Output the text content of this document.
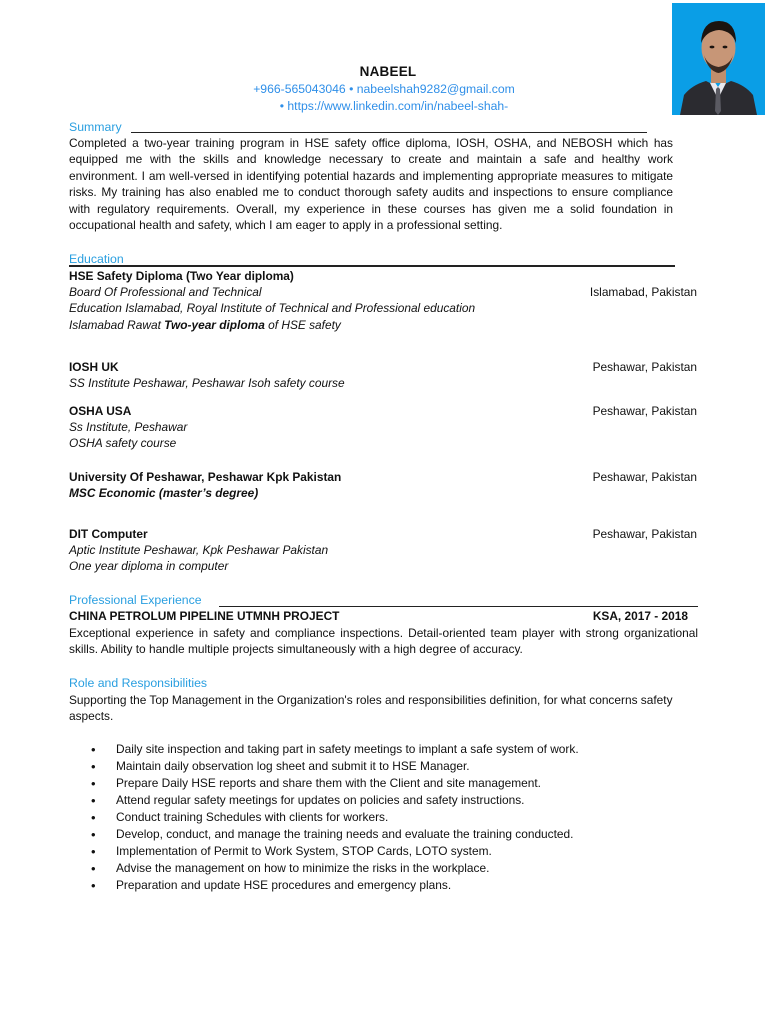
NABEEL
+966-565043046 • nabeelshah9282@gmail.com
• https://www.linkedin.com/in/nabeel-shah-
Summary
Completed a two-year training program in HSE safety office diploma, IOSH, OSHA, and NEBOSH which has equipped me with the skills and knowledge necessary to create and maintain a safe and healthy work environment. I am well-versed in identifying potential hazards and implementing appropriate measures to mitigate risks. My training has also enabled me to conduct thorough safety audits and inspections to ensure compliance with regulatory requirements. Overall, my experience in these courses has given me a solid foundation in occupational health and safety, which I am eager to apply in a professional setting.
Education
HSE Safety Diploma (Two Year diploma)
Board Of Professional and Technical	Islamabad, Pakistan
Education Islamabad, Royal Institute of Technical and Professional education
Islamabad Rawat Two-year diploma of HSE safety
IOSH UK	Peshawar, Pakistan
SS Institute Peshawar, Peshawar Isoh safety course
OSHA USA	Peshawar, Pakistan
Ss Institute, Peshawar
OSHA safety course
University Of Peshawar, Peshawar Kpk Pakistan	Peshawar, Pakistan
MSC Economic (master’s degree)
DIT Computer	Peshawar, Pakistan
Aptic Institute Peshawar, Kpk Peshawar Pakistan
One year diploma in computer
Professional Experience
CHINA PETROLUM PIPELINE UTMNH PROJECT	KSA, 2017 - 2018
Exceptional experience in safety and compliance inspections. Detail-oriented team player with strong organizational skills. Ability to handle multiple projects simultaneously with a high degree of accuracy.
Role and Responsibilities
Supporting the Top Management in the Organization's roles and responsibilities definition, for what concerns safety aspects.
• Daily site inspection and taking part in safety meetings to implant a safe system of work.
• Maintain daily observation log sheet and submit it to HSE Manager.
• Prepare Daily HSE reports and share them with the Client and site management.
• Attend regular safety meetings for updates on policies and safety instructions.
• Conduct training Schedules with clients for workers.
• Develop, conduct, and manage the training needs and evaluate the training conducted.
• Implementation of Permit to Work System, STOP Cards, LOTO system.
• Advise the management on how to minimize the risks in the workplace.
• Preparation and update HSE procedures and emergency plans.
